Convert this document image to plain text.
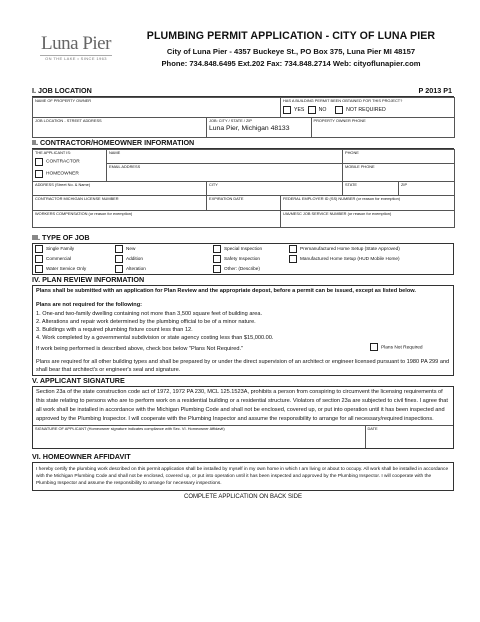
Luna Pier
ON THE LAKE • SINCE 1963
PLUMBING PERMIT APPLICATION - CITY OF LUNA PIER
City of Luna Pier - 4357 Buckeye St., PO Box 375, Luna Pier MI 48157
Phone: 734.848.6495 Ext.202 Fax: 734.848.2714 Web: cityoflunapier.com
I. JOB LOCATION	P 2013 P1
NAME OF PROPERTY OWNER	HAS A BUILDING PERMIT BEEN OBTAINED FOR THIS PROJECT?

YES	NO	NOT REQUIRED

JOB LOCATION - STREET ADDRESS		JOB: CITY / STATE / ZIP
Luna Pier, Michigan 48133
	PROPERTY OWNER PHONE
II. CONTRACTOR/HOMEOWNER INFORMATION
THE APPLICANT IS:
CONTRACTOR
HOMEOWNER
	NAME	PHONE
EMAIL ADDRESS	MOBILE PHONE
ADDRESS (Street No. & Name)	CITY		STATE	ZIP

CONTRACTOR MICHIGAN LICENSE NUMBER	EXPIRATION DATE	FEDERAL EMPLOYER ID (SS) NUMBER (or reason for exemption)
WORKERS COMPENSATION (or reason for exemption)	UIA/MESC JOB SERVICE NUMBER (or reason for exemption)
III. TYPE OF JOB
Single Family	New	Special Inspection	Premanufactured Home Setup (State Approved)
Commercial	Addition	Safety Inspection	Manufactured Home Setup (HUD Mobile Home)
Water Service Only	Alteration	Other: (Describe)	
IV. PLAN REVIEW INFORMATION
Plans shall be submitted with an application for Plan Review and the appropriate depost, before a permit can be issued, except as listed below.
Plans are not required for the following:
1. One-and two-family dwelling containing not more than 3,500 square feet of building area.
2. Alterations and repair work determined by the plumbing official to be of a minor nature.
3. Buildings with a required plumbing fixture count less than 12.
4. Work completed by a governmental subdivision or state agency costing less than $15,000.00.
If work being performed is described above, check box below "Plans Not Required."	Plans Not Required
Plans are required for all other building types and shall be prepared by or under the direct supervision of an architect or engineer licensed pursuant to 1980 PA 299 and shall bear that architect's or engineer's seal and signature.
V. APPLICANT SIGNATURE
Section 23a of the state construction code act of 1972, 1972 PA 230, MCL 125.1523A, prohibits a person from conspiring to circumvent the licensing requirements of this state relating to persons who are to perform work on a residential building or a residential structure. Violators of section 23a are subjected to civil fines. I agree that all work shall be installed in accordance with the Michigan Plumbing Code and shall not be enclosed, covered up, or put into operation until it has been inspected and approved by the Plumbing Inspector. I will cooperate with the Plumbing Inspector and assume the responsibility to arrange for all necessary/required inspections.
SIGNATURE OF APPLICANT (Homeowner signature indicates compliance with Sec. VI. Homeowner Affidavit)	DATE
VI. HOMEOWNER AFFIDAVIT
I hereby certify the plumbing work described on this permit application shall be installed by myself in my own home in which I am living or about to occupy. All work shall be installed in accordance with the Michigan Plumbing Code and shall not be enclosed, covered up, or put into operation until it has been inspected and approved by the Plumbing Inspector. I will cooperate with the Plumbing Inspector and assume the responsibility to arrange for necessary inspections.
COMPLETE APPLICATION ON BACK SIDE
